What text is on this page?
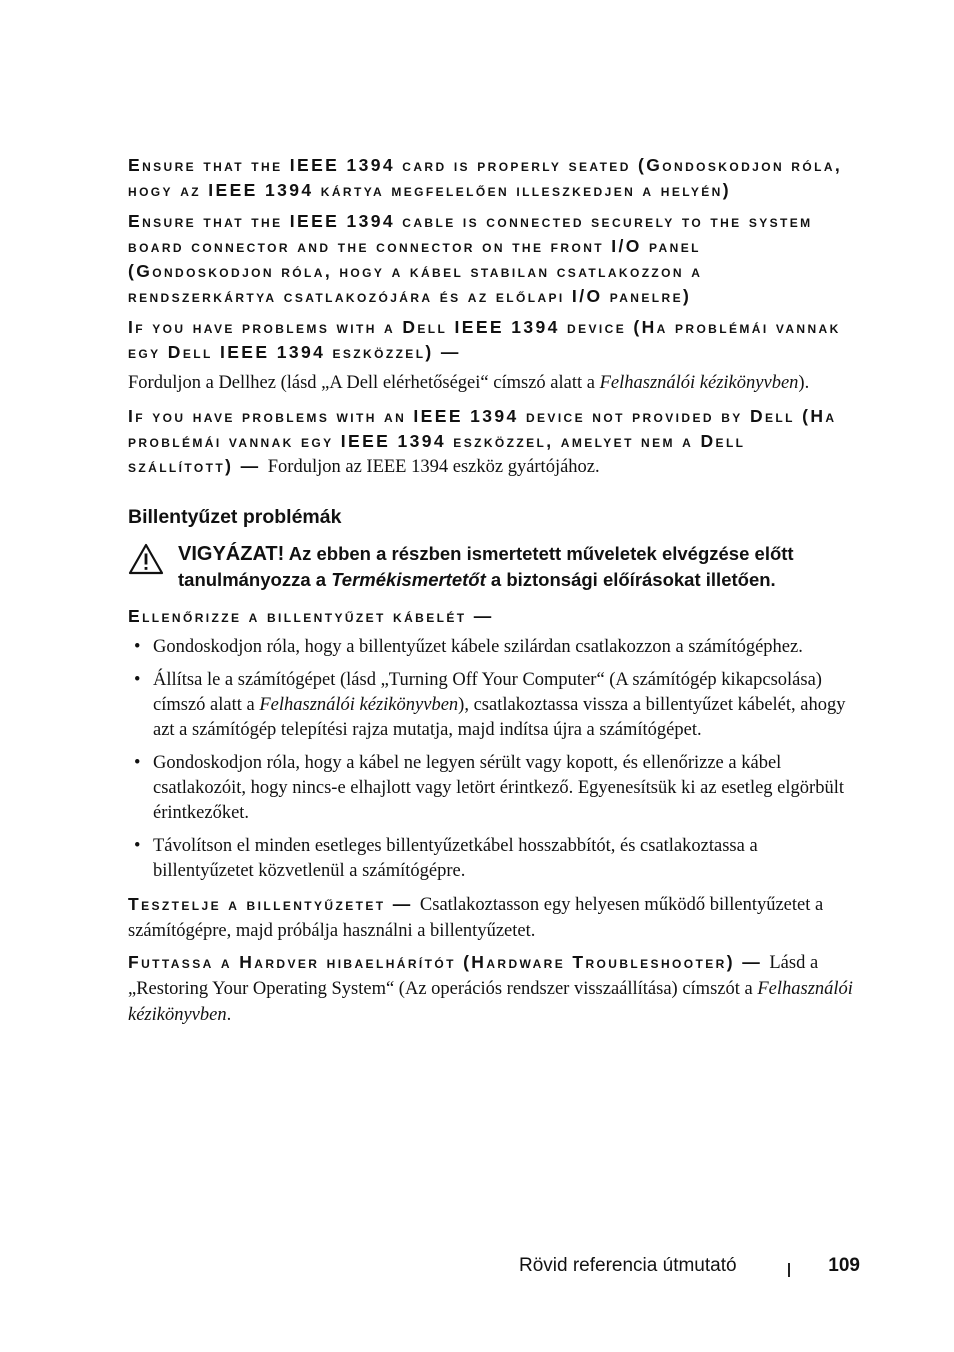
Ensure that the IEEE 1394 card is properly seated (Gondoskodjon róla, hogy az IEEE 1394 kártya megfelelően illeszkedjen a helyén)

Ensure that the IEEE 1394 cable is connected securely to the system board connector and the connector on the front I/O panel (Gondoskodjon róla, hogy a kábel stabilan csatlakozzon a rendszerkártya csatlakozójára és az előlapi I/O panelre)

If you have problems with a Dell IEEE 1394 device (Ha problémái vannak egy Dell IEEE 1394 eszközzel) —

Forduljon a Dellhez (lásd „A Dell elérhetőségei“ címszó alatt a Felhasználói kézikönyvben).

If you have problems with an IEEE 1394 device not provided by Dell (Ha problémái vannak egy IEEE 1394 eszközzel, amelyet nem a Dell szállított) — Forduljon az IEEE 1394 eszköz gyártójához.

Billentyűzet problémák
VIGYÁZAT! Az ebben a részben ismertetett műveletek elvégzése előtt tanulmányozza a Termékismertetőt a biztonsági előírásokat illetően.

Ellenőrizze a billentyűzet kábelét —

• Gondoskodjon róla, hogy a billentyűzet kábele szilárdan csatlakozzon a számítógéphez.
• Állítsa le a számítógépet (lásd „Turning Off Your Computer“ (A számítógép kikapcsolása) címszó alatt a Felhasználói kézikönyvben), csatlakoztassa vissza a billentyűzet kábelét, ahogy azt a számítógép telepítési rajza mutatja, majd indítsa újra a számítógépet.
• Gondoskodjon róla, hogy a kábel ne legyen sérült vagy kopott, és ellenőrizze a kábel csatlakozóit, hogy nincs-e elhajlott vagy letört érintkező. Egyenesítsük ki az esetleg elgörbült érintkezőket.
• Távolítson el minden esetleges billentyűzetkábel hosszabbítót, és csatlakoztassa a billentyűzetet közvetlenül a számítógépre.

Tesztelje a billentyűzetet — Csatlakoztasson egy helyesen működő billentyűzetet a számítógépre, majd próbálja használni a billentyűzetet.

Futtassa a Hardver hibaelhárítót (Hardware Troubleshooter) — Lásd a „Restoring Your Operating System“ (Az operációs rendszer visszaállítása) címszót a Felhasználói kézikönyvben.

Rövid referencia útmutató	109
